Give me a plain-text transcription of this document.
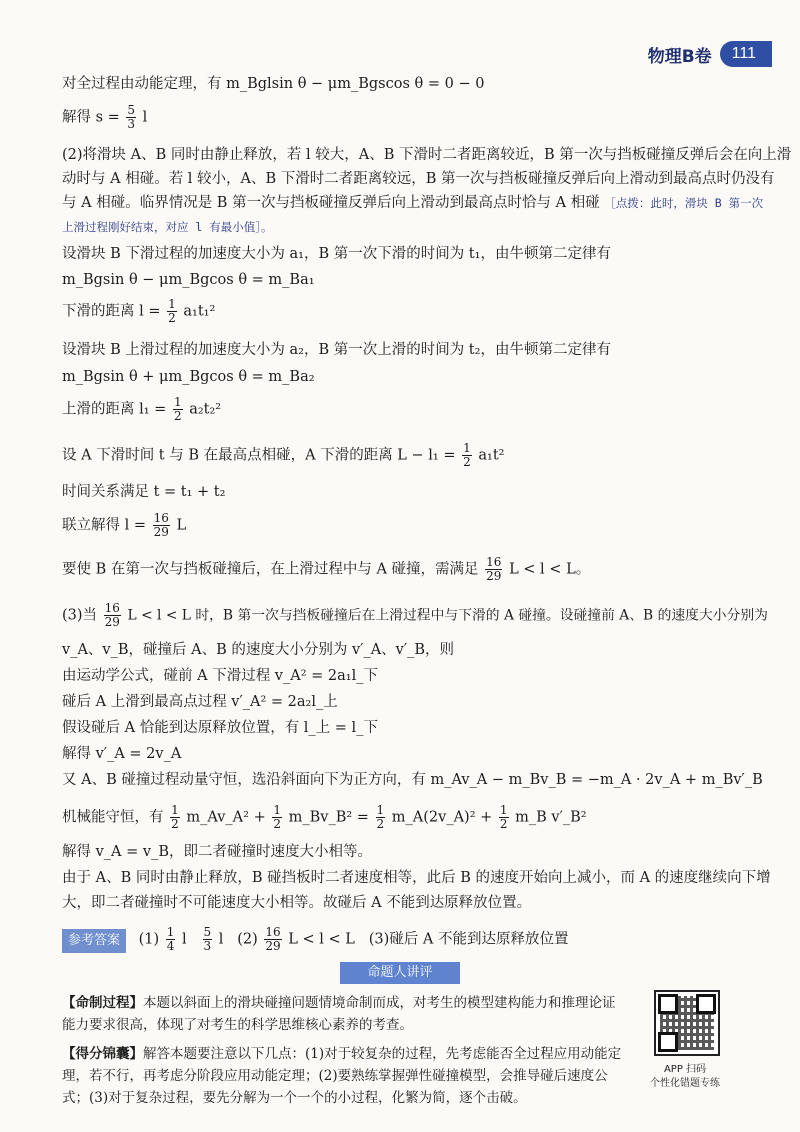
物理B卷	111
对全过程由动能定理，有 m_Bglsin θ − μm_Bgscos θ = 0 − 0
解得 $s = \frac{5}{3}$ l
(2)将滑块 A、B 同时由静止释放，若 l 较大，A、B 下滑时二者距离较近，B 第一次与挡板碰撞反弹后会在向上滑
动时与 A 相碰。若 l 较小，A、B 下滑时二者距离较远，B 第一次与挡板碰撞反弹后向上滑动到最高点时仍没有
与 A 相碰。临界情况是 B 第一次与挡板碰撞反弹后向上滑动到最高点时恰与 A 相碰 ［点拨：此时，滑块 B 第一次
上滑过程刚好结束，对应 l 有最小值］。
设滑块 B 下滑过程的加速度大小为 a₁，B 第一次下滑的时间为 t₁，由牛顿第二定律有
m_Bgsin θ − μm_Bgcos θ = m_Ba₁
下滑的距离 $l = \frac{1}{2} a_1t_1^2$
设滑块 B 上滑过程的加速度大小为 a₂，B 第一次上滑的时间为 t₂，由牛顿第二定律有
m_Bgsin θ + μm_Bgcos θ = m_Ba₂
上滑的距离 $l_1 = \frac{1}{2} a_2t_2^2$
设 A 下滑时间 t 与 B 在最高点相碰，A 下滑的距离 $L - l_1 = \frac{1}{2} a_1t^2$
时间关系满足 t = t₁ + t₂
联立解得 $l = \frac{16}{29}$ L
要使 B 在第一次与挡板碰撞后，在上滑过程中与 A 碰撞，需满足 $\frac{16}{29}$ L < l < L。
(3)当 $\frac{16}{29}$ L < l < L 时，B 第一次与挡板碰撞后在上滑过程中与下滑的 A 碰撞。设碰撞前 A、B 的速度大小分别为
v_A、v_B，碰撞后 A、B 的速度大小分别为 v′_A、v′_B，则
由运动学公式，碰前 A 下滑过程 v_A² = 2a₁l_下
碰后 A 上滑到最高点过程 v′_A² = 2a₂l_上
假设碰后 A 恰能到达原释放位置，有 l_上 = l_下
解得 v′_A = 2v_A
又 A、B 碰撞过程动量守恒，选沿斜面向下为正方向，有 m_Av_A − m_Bv_B = −m_A · 2v_A + m_Bv′_B
机械能守恒，有 $\frac{1}{2}$ m_Av_A² + $\frac{1}{2}$ m_Bv_B² = $\frac{1}{2}$ m_A(2v_A)² + $\frac{1}{2}$ m_B v′_B²
解得 v_A = v_B，即二者碰撞时速度大小相等。
由于 A、B 同时由静止释放，B 碰挡板时二者速度相等，此后 B 的速度开始向上减小，而 A 的速度继续向下增
大，即二者碰撞时不可能速度大小相等。故碰后 A 不能到达原释放位置。
参考答案 $(1) \frac{1}{4}$ l $\frac{5}{3}$ l $(2) \frac{16}{29}$ L < l < L (3)碰后 A 不能到达原释放位置
命题人讲评
【命制过程】本题以斜面上的滑块碰撞问题情境命制而成，对考生的模型建构能力和推理论证能力要求很高，体现了对考生的科学思维核心素养的考查。
【得分锦囊】解答本题要注意以下几点：(1)对于较复杂的过程，先考虑能否全过程应用动能定理，若不行，再考虑分阶段应用动能定理；(2)要熟练掌握弹性碰撞模型，会推导碰后速度公式；(3)对于复杂过程，要先分解为一个一个的小过程，化繁为简，逐个击破。
APP 扫码
个性化错题专练
